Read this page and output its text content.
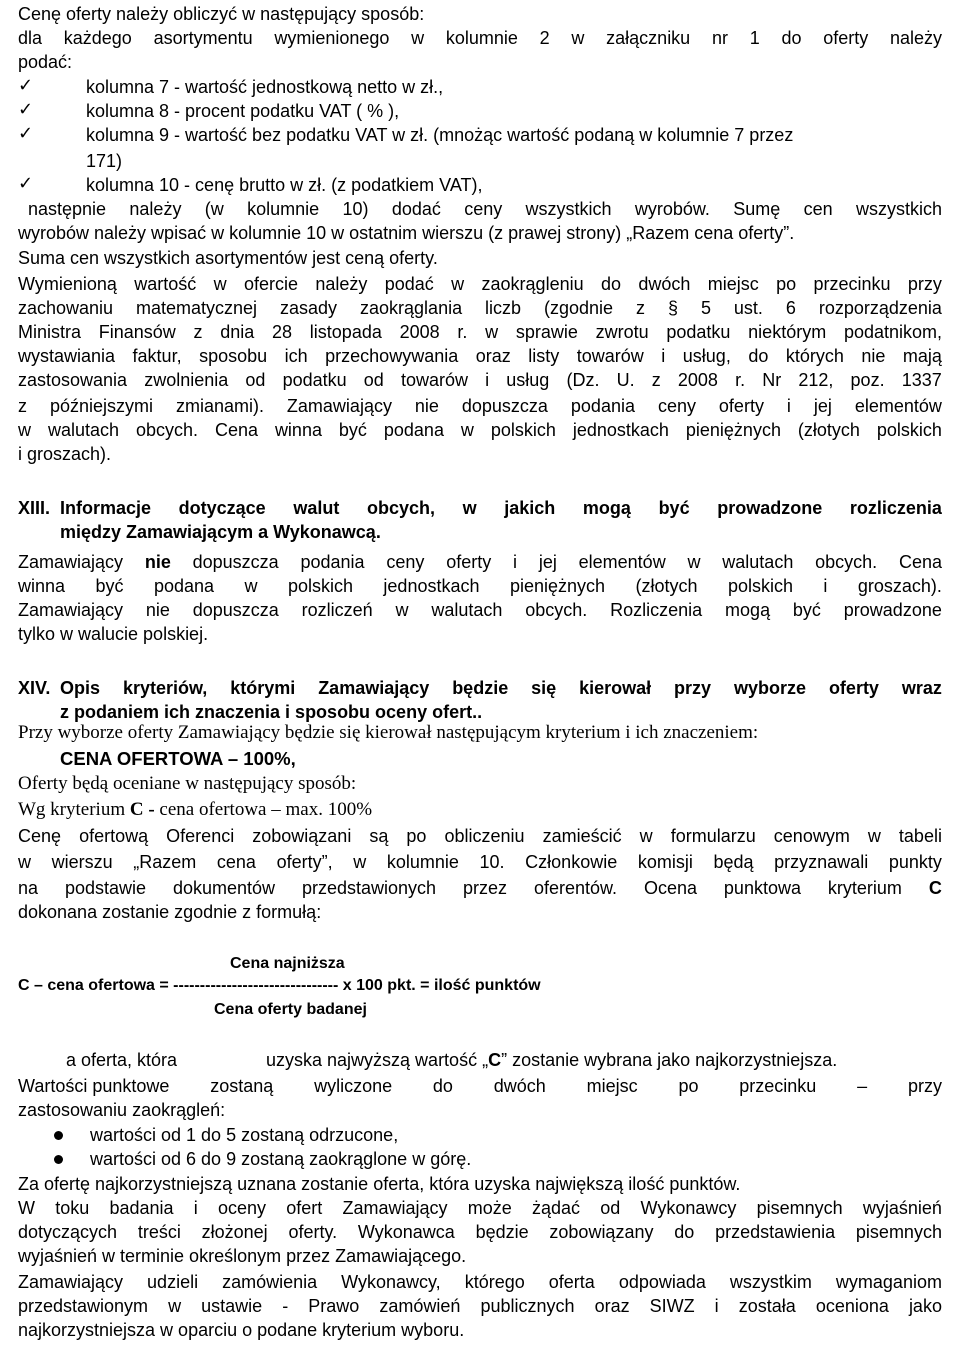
Cenę oferty należy obliczyć w następujący sposób:
dla każdego asortymentu wymienionego w kolumnie 2 w załączniku nr 1 do oferty należy
podać:
✓	kolumna 7 - wartość jednostkową netto w zł.,
✓	kolumna 8 - procent podatku VAT ( % ),
✓	kolumna 9 - wartość bez podatku VAT w zł. (mnożąc wartość podaną w kolumnie 7 przez
171)
✓	kolumna 10 - cenę brutto w zł. (z podatkiem VAT),
następnie należy (w kolumnie 10) dodać ceny wszystkich wyrobów. Sumę cen wszystkich
wyrobów należy wpisać w kolumnie 10 w ostatnim wierszu (z prawej strony) „Razem cena oferty”.
Suma cen wszystkich asortymentów jest ceną oferty.
Wymienioną wartość w ofercie należy podać w zaokrągleniu do dwóch miejsc po przecinku przy
zachowaniu matematycznej zasady zaokrąglania liczb (zgodnie z § 5 ust. 6 rozporządzenia
Ministra Finansów z dnia 28 listopada 2008 r. w sprawie zwrotu podatku niektórym podatnikom,
wystawiania faktur, sposobu ich przechowywania oraz listy towarów i usług, do których nie mają
zastosowania zwolnienia od podatku od towarów i usług (Dz. U. z 2008 r. Nr 212, poz. 1337
z późniejszymi zmianami). Zamawiający nie dopuszcza podania ceny oferty i jej elementów
w walutach obcych. Cena winna być podana w polskich jednostkach pieniężnych (złotych polskich
i groszach).
XIII. Informacje dotyczące walut obcych, w jakich mogą być prowadzone rozliczenia
między Zamawiającym a Wykonawcą.
Zamawiający nie dopuszcza podania ceny oferty i jej elementów w walutach obcych. Cena
winna być podana w polskich jednostkach pieniężnych (złotych polskich i groszach).
Zamawiający nie dopuszcza rozliczeń w walutach obcych. Rozliczenia mogą być prowadzone
tylko w walucie polskiej.
XIV. Opis kryteriów, którymi Zamawiający będzie się kierował przy wyborze oferty wraz
z podaniem ich znaczenia i sposobu oceny ofert..
Przy wyborze oferty Zamawiający będzie się kierował następującym kryterium i ich znaczeniem:
CENA OFERTOWA – 100%,
Oferty będą oceniane w następujący sposób:
Wg kryterium C - cena ofertowa – max. 100%
Cenę ofertową Oferenci zobowiązani są po obliczeniu zamieścić w formularzu cenowym w tabeli
w wierszu „Razem cena oferty”, w kolumnie 10. Członkowie komisji będą przyznawali punkty
na podstawie dokumentów przedstawionych przez oferentów. Ocena punktowa kryterium C
dokonana zostanie zgodnie z formułą:
Cena najniższa
C – cena ofertowa = ------------------------------- x 100 pkt. = ilość punktów
Cena oferty badanej
a oferta, która	uzyska najwyższą wartość „C” zostanie wybrana jako najkorzystniejsza.
Wartości punktowe zostaną wyliczone do dwóch miejsc po przecinku – przy
zastosowaniu zaokrągleń:
wartości od 1 do 5 zostaną odrzucone,
wartości od 6 do 9 zostaną zaokrąglone w górę.
Za ofertę najkorzystniejszą uznana zostanie oferta, która uzyska największą ilość punktów.
W toku badania i oceny ofert Zamawiający może żądać od Wykonawcy pisemnych wyjaśnień
dotyczących treści złożonej oferty. Wykonawca będzie zobowiązany do przedstawienia pisemnych
wyjaśnień w terminie określonym przez Zamawiającego.
Zamawiający udzieli zamówienia Wykonawcy, którego oferta odpowiada wszystkim wymaganiom
przedstawionym w ustawie - Prawo zamówień publicznych oraz SIWZ i została oceniona jako
najkorzystniejsza w oparciu o podane kryterium wyboru.
